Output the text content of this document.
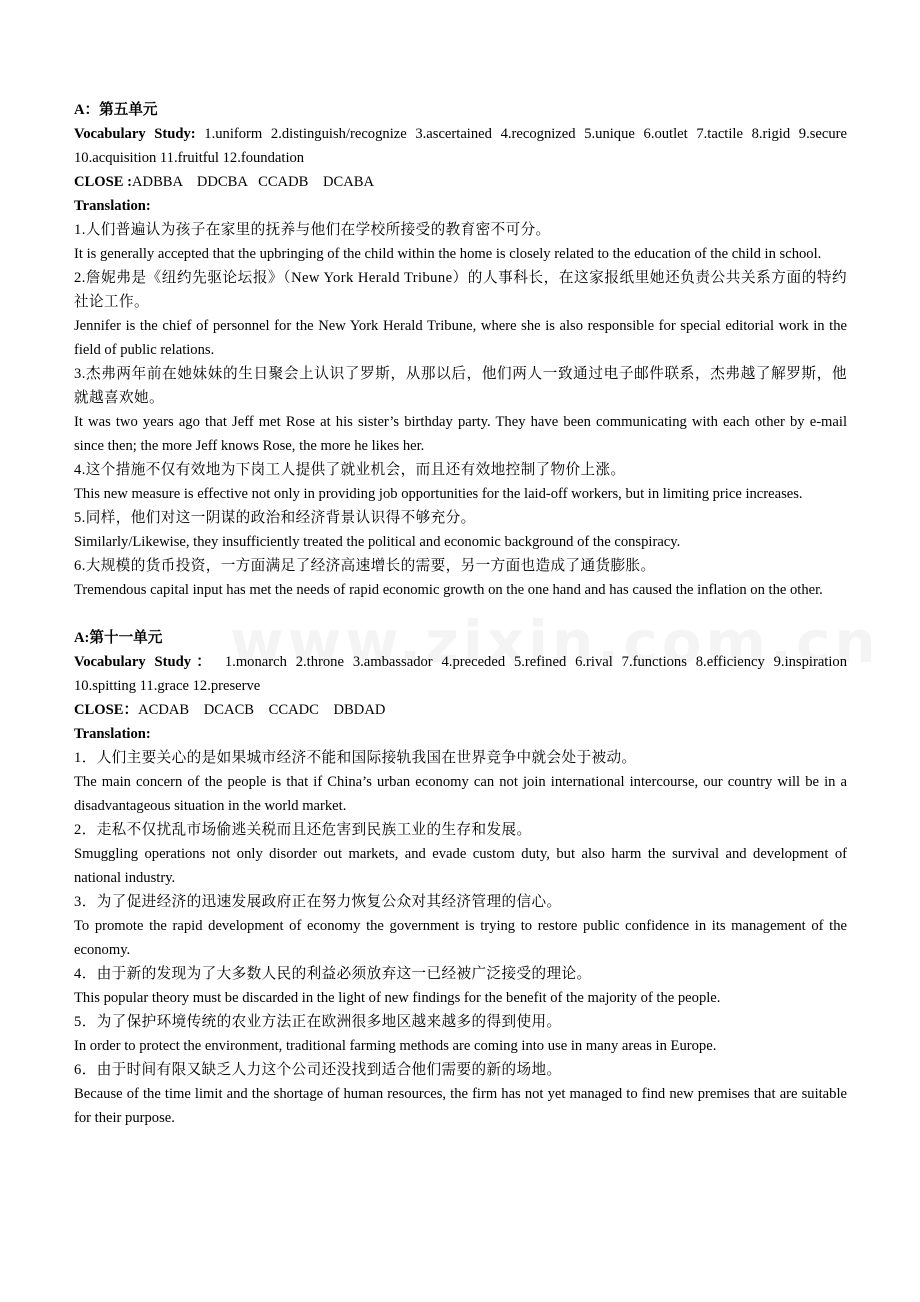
A：第五单元

Vocabulary Study: 1.uniform 2.distinguish/recognize 3.ascertained 4.recognized 5.unique 6.outlet 7.tactile 8.rigid 9.secure 10.acquisition 11.fruitful 12.foundation

CLOSE :ADBBA    DDCBA   CCADB    DCABA

Translation:

1.人们普遍认为孩子在家里的抚养与他们在学校所接受的教育密不可分。

It is generally accepted that the upbringing of the child within the home is closely related to the education of the child in school.

2.詹妮弗是《纽约先驱论坛报》（New York Herald Tribune）的人事科长，在这家报纸里她还负责公共关系方面的特约社论工作。

Jennifer is the chief of personnel for the New York Herald Tribune, where she is also responsible for special editorial work in the field of public relations.

3.杰弗两年前在她妹妹的生日聚会上认识了罗斯，从那以后，他们两人一致通过电子邮件联系，杰弗越了解罗斯，他就越喜欢她。

It was two years ago that Jeff met Rose at his sister’s birthday party. They have been communicating with each other by e-mail since then; the more Jeff knows Rose, the more he likes her.

4.这个措施不仅有效地为下岗工人提供了就业机会，而且还有效地控制了物价上涨。

This new measure is effective not only in providing job opportunities for the laid-off workers, but in limiting price increases.

5.同样，他们对这一阴谋的政治和经济背景认识得不够充分。

Similarly/Likewise, they insufficiently treated the political and economic background of the conspiracy.

6.大规模的货币投资，一方面满足了经济高速增长的需要，另一方面也造成了通货膨胀。

Tremendous capital input has met the needs of rapid economic growth on the one hand and has caused the inflation on the other.

A:第十一单元

Vocabulary Study： 1.monarch 2.throne 3.ambassador 4.preceded 5.refined 6.rival 7.functions 8.efficiency 9.inspiration 10.spitting 11.grace 12.preserve

CLOSE：ACDAB    DCACB    CCADC    DBDAD

Translation:

1．人们主要关心的是如果城市经济不能和国际接轨我国在世界竞争中就会处于被动。

The main concern of the people is that if China’s urban economy can not join international intercourse, our country will be in a disadvantageous situation in the world market.

2．走私不仅扰乱市场偷逃关税而且还危害到民族工业的生存和发展。

Smuggling operations not only disorder out markets, and evade custom duty, but also harm the survival and development of national industry.

3．为了促进经济的迅速发展政府正在努力恢复公众对其经济管理的信心。

To promote the rapid development of economy the government is trying to restore public confidence in its management of the economy.

4．由于新的发现为了大多数人民的利益必须放弃这一已经被广泛接受的理论。

This popular theory must be discarded in the light of new findings for the benefit of the majority of the people.

5．为了保护环境传统的农业方法正在欧洲很多地区越来越多的得到使用。

In order to protect the environment, traditional farming methods are coming into use in many areas in Europe.

6．由于时间有限又缺乏人力这个公司还没找到适合他们需要的新的场地。

Because of the time limit and the shortage of human resources, the firm has not yet managed to find new premises that are suitable for their purpose.
